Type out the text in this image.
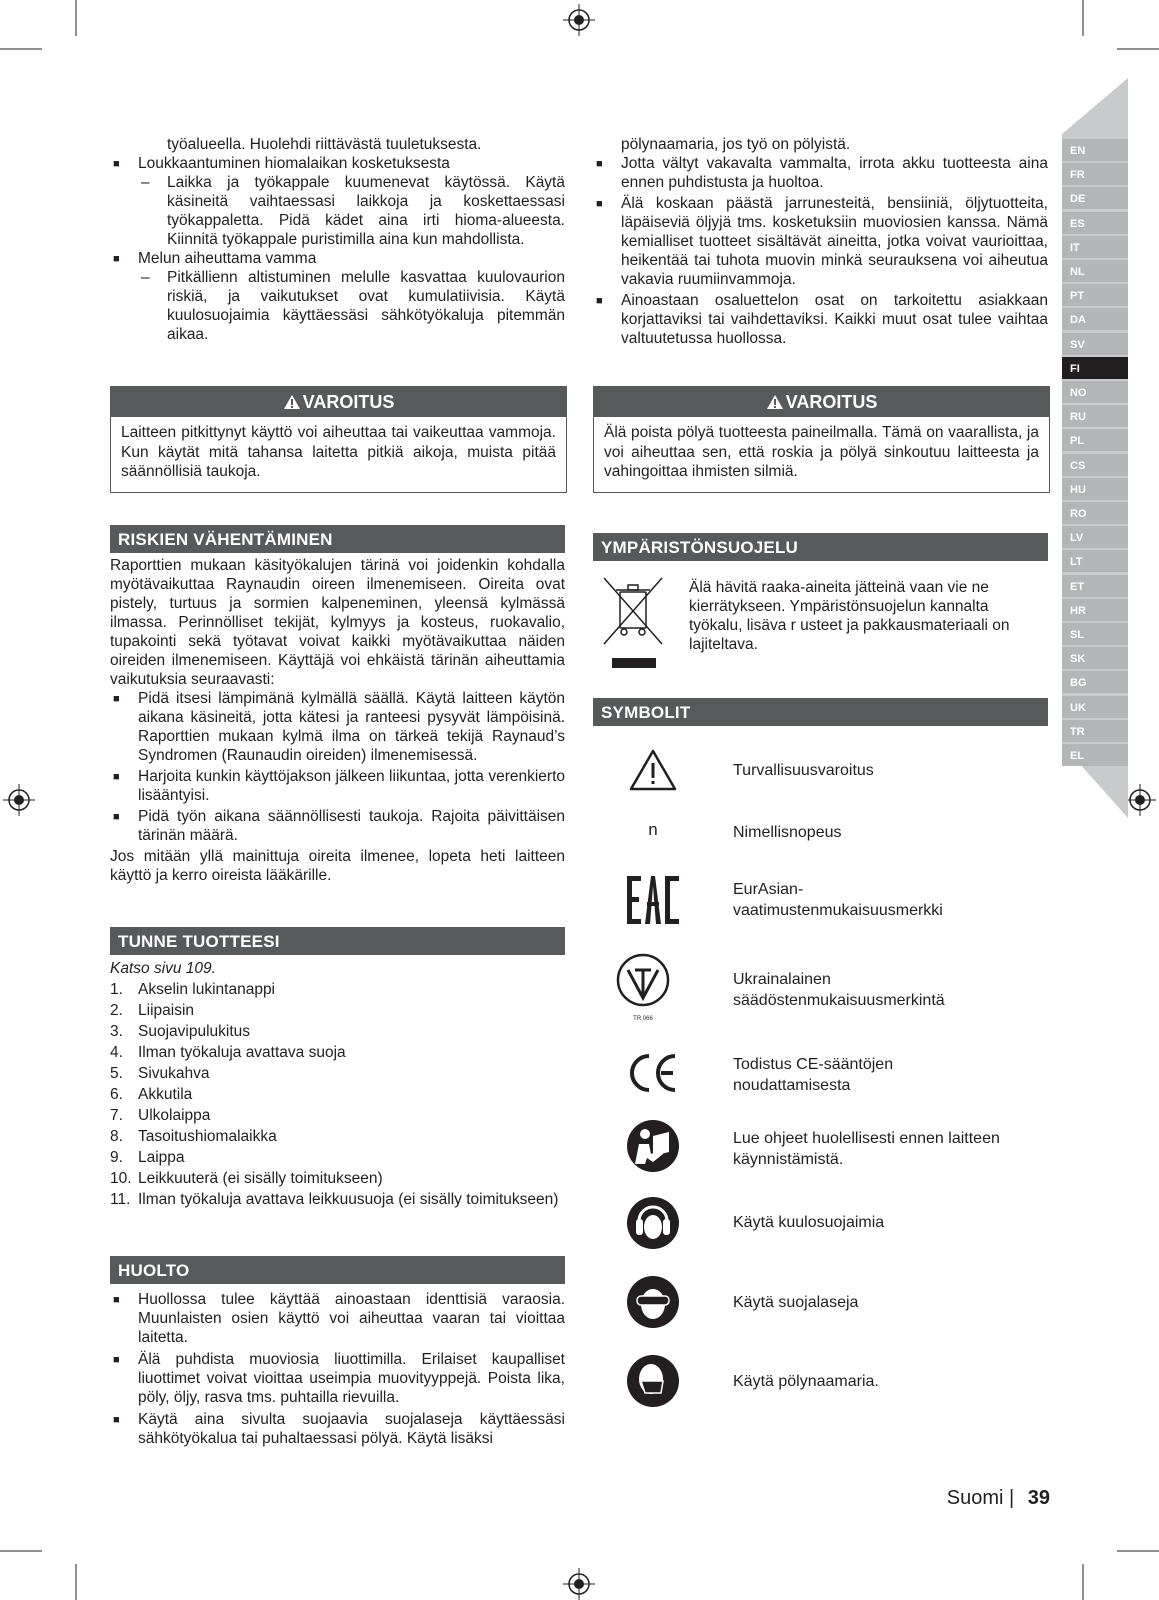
EN
FR
DE
ES
IT
NL
PT
DA
SV
FI
NO
RU
PL
CS
HU
RO
LV
LT
ET
HR
SL
SK
BG
UK
TR
EL

työalueella. Huolehdi riittävästä tuuletuksesta.

■ Loukkaantuminen hiomalaikan kosketuksesta

– Laikka ja työkappale kuumenevat käytössä. Käytä käsineitä vaihtaessasi laikkoja ja koskettaessasi työkappaletta. Pidä kädet aina irti hioma-alueesta. Kiinnitä työkappale puristimilla aina kun mahdollista.

■ Melun aiheuttama vamma

– Pitkällienn altistuminen melulle kasvattaa kuulovaurion riskiä, ja vaikutukset ovat kumulatiivisia. Käytä kuulosuojaimia käyttäessäsi sähkötyökaluja pitemmän aikaa.

VAROITUS
Laitteen pitkittynyt käyttö voi aiheuttaa tai vaikeuttaa vammoja. Kun käytät mitä tahansa laitetta pitkiä aikoja, muista pitää säännöllisiä taukoja.
RISKIEN VÄHENTÄMINEN

Raporttien mukaan käsityökalujen tärinä voi joidenkin kohdalla myötävaikuttaa Raynaudin oireen ilmenemiseen. Oireita ovat pistely, turtuus ja sormien kalpeneminen, yleensä kylmässä ilmassa. Perinnölliset tekijät, kylmyys ja kosteus, ruokavalio, tupakointi sekä työtavat voivat kaikki myötävaikuttaa näiden oireiden ilmenemiseen. Käyttäjä voi ehkäistä tärinän aiheuttamia vaikutuksia seuraavasti:

■ Pidä itsesi lämpimänä kylmällä säällä. Käytä laitteen käytön aikana käsineitä, jotta kätesi ja ranteesi pysyvät lämpöisinä. Raporttien mukaan kylmä ilma on tärkeä tekijä Raynaud’s Syndromen (Raunaudin oireiden) ilmenemisessä.

■ Harjoita kunkin käyttöjakson jälkeen liikuntaa, jotta verenkierto lisääntyisi.

■ Pidä työn aikana säännöllisesti taukoja. Rajoita päivittäisen tärinän määrä.

Jos mitään yllä mainittuja oireita ilmenee, lopeta heti laitteen käyttö ja kerro oireista lääkärille.

TUNNE TUOTTEESI
Katso sivu 109.
1. Akselin lukintanappi
2. Liipaisin
3. Suojavipulukitus
4. Ilman työkaluja avattava suoja
5. Sivukahva
6. Akkutila
7. Ulkolaippa
8. Tasoitushiomalaikka
9. Laippa
10. Leikkuuterä (ei sisälly toimitukseen)
11. Ilman työkaluja avattava leikkuusuoja (ei sisälly toimitukseen)
HUOLTO

■ Huollossa tulee käyttää ainoastaan identtisiä varaosia. Muunlaisten osien käyttö voi aiheuttaa vaaran tai vioittaa laitetta.

■ Älä puhdista muoviosia liuottimilla. Erilaiset kaupalliset liuottimet voivat vioittaa useimpia muovityyppejä. Poista lika, pöly, öljy, rasva tms. puhtailla rievuilla.

■ Käytä aina sivulta suojaavia suojalaseja käyttäessäsi sähkötyökalua tai puhaltaessasi pölyä. Käytä lisäksi

pölynaamaria, jos työ on pölyistä.

■ Jotta vältyt vakavalta vammalta, irrota akku tuotteesta aina ennen puhdistusta ja huoltoa.

■ Älä koskaan päästä jarrunesteitä, bensiiniä, öljytuotteita, läpäiseviä öljyjä tms. kosketuksiin muoviosien kanssa. Nämä kemialliset tuotteet sisältävät aineitta, jotka voivat vaurioittaa, heikentää tai tuhota muovin minkä seurauksena voi aiheutua vakavia ruumiinvammoja.

■ Ainoastaan osaluettelon osat on tarkoitettu asiakkaan korjattaviksi tai vaihdettaviksi. Kaikki muut osat tulee vaihtaa valtuutetussa huollossa.

VAROITUS
Älä poista pölyä tuotteesta paineilmalla. Tämä on vaarallista, ja voi aiheuttaa sen, että roskia ja pölyä sinkoutuu laitteesta ja vahingoittaa ihmisten silmiä.
YMPÄRISTÖNSUOJELU
Älä hävitä raaka-aineita jätteinä vaan vie ne kierrätykseen. Ympäristönsuojelun kannalta työkalu, lisäva r usteet ja pakkausmateriaali on lajiteltava.
SYMBOLIT
Turvallisuusvaroitus
n	Nimellisnopeus
EurAsian-
vaatimustenmukaisuusmerkki
TR 066
Ukrainalainen
säädöstenmukaisuusmerkintä
Todistus CE-sääntöjen
noudattamisesta
Lue ohjeet huolellisesti ennen laitteen
käynnistämistä.
Käytä kuulosuojaimia
Käytä suojalaseja
Käytä pölynaamaria.
Suomi | 39
